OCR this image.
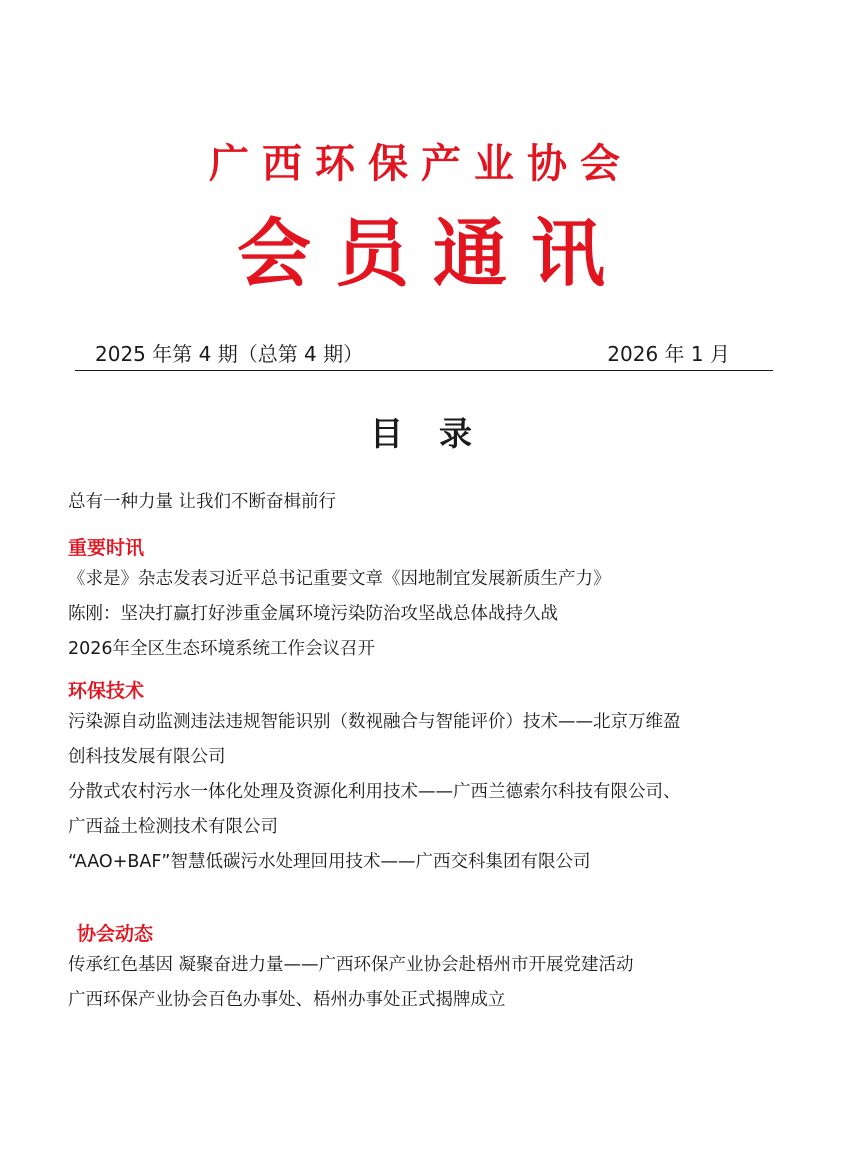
广西环保产业协会
会员通讯
2025 年第 4 期（总第 4 期）	2026 年 1 月
目录

总有一种力量 让我们不断奋楫前行

重要时讯

《求是》杂志发表习近平总书记重要文章《因地制宜发展新质生产力》

陈刚：坚决打赢打好涉重金属环境污染防治攻坚战总体战持久战

2026年全区生态环境系统工作会议召开

环保技术

污染源自动监测违法违规智能识别（数视融合与智能评价）技术——北京万维盈
创科技发展有限公司

分散式农村污水一体化处理及资源化利用技术——广西兰德索尔科技有限公司、
广西益土检测技术有限公司

“AAO+BAF”智慧低碳污水处理回用技术——广西交科集团有限公司

协会动态

传承红色基因 凝聚奋进力量——广西环保产业协会赴梧州市开展党建活动

广西环保产业协会百色办事处、梧州办事处正式揭牌成立
